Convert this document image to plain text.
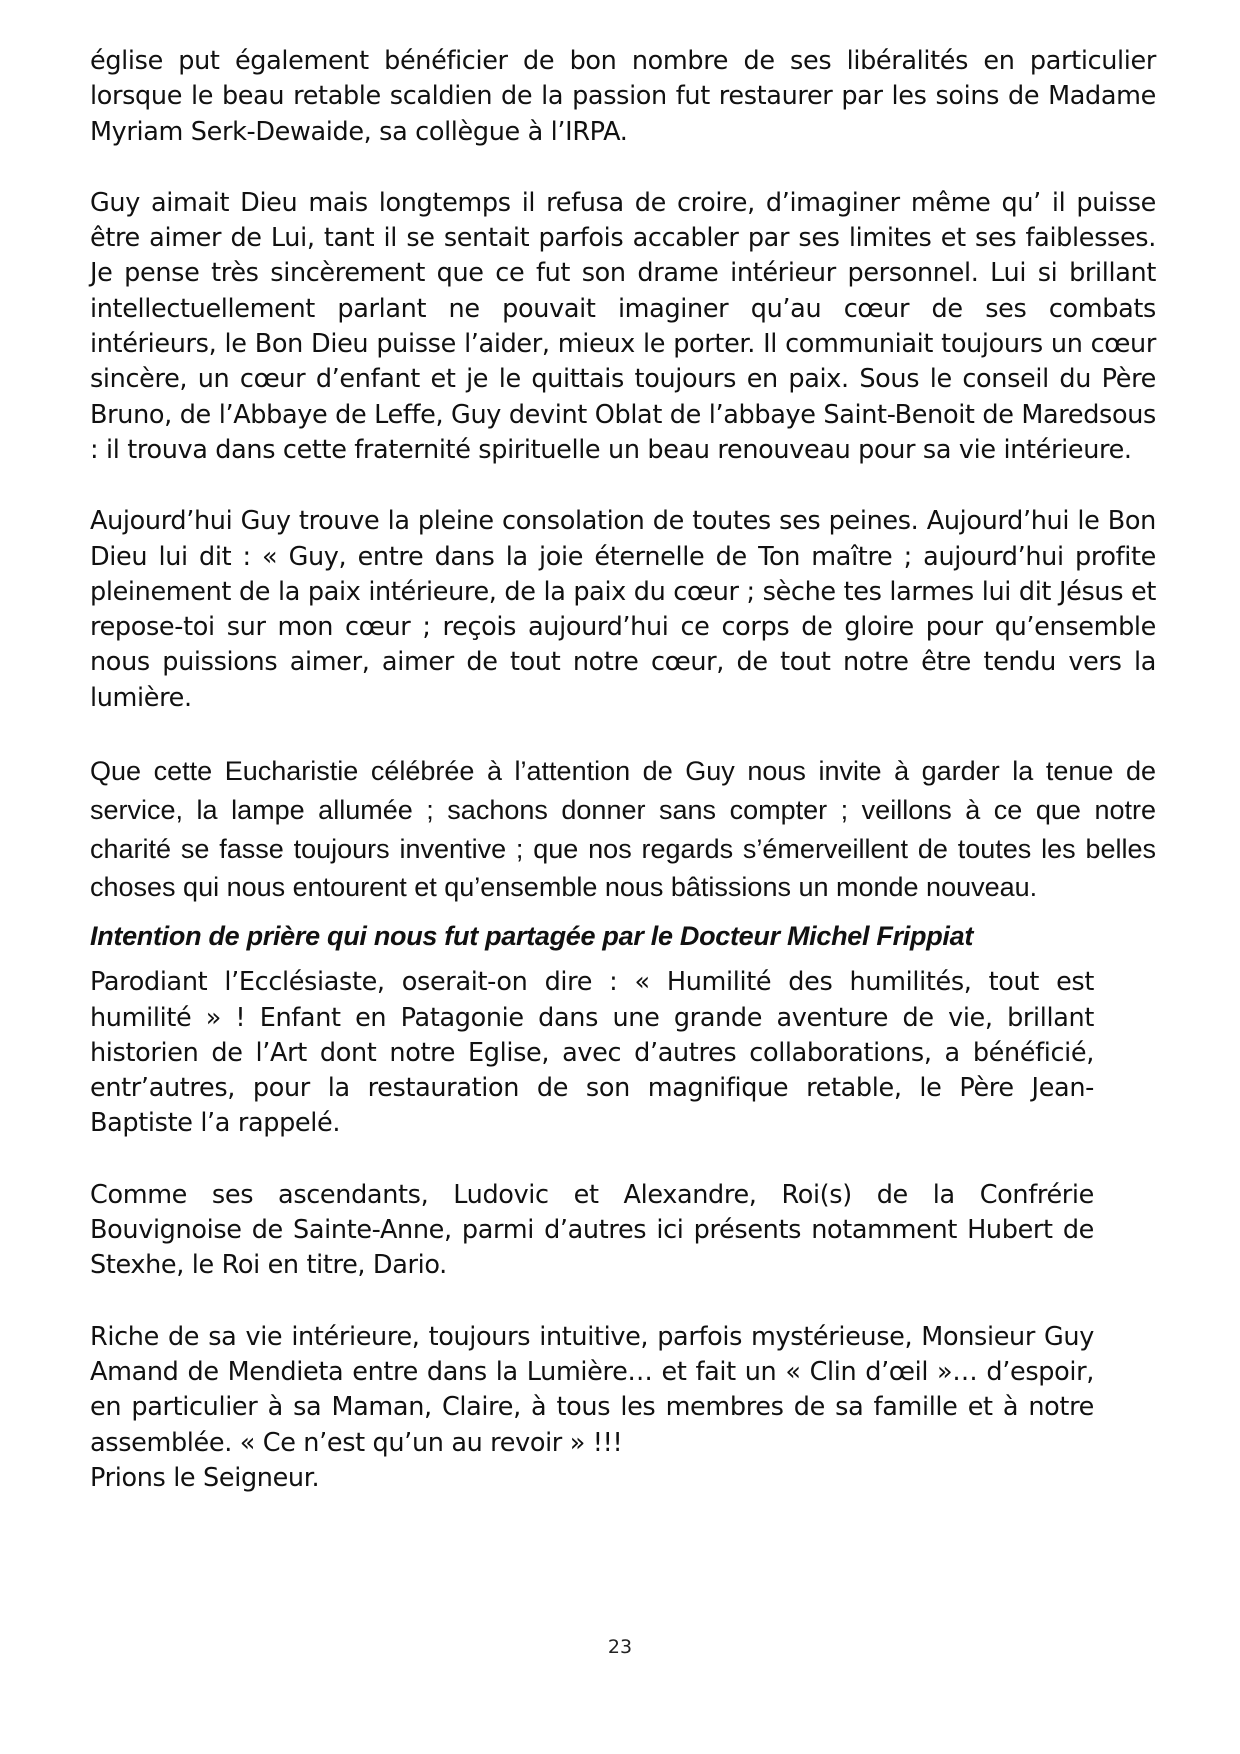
église put également bénéficier de bon nombre de ses libéralités en particulier lorsque le beau retable scaldien de la passion fut restaurer par les soins de Madame Myriam Serk-Dewaide, sa collègue à l’IRPA.

Guy aimait Dieu mais longtemps il refusa de croire, d’imaginer même qu’ il puisse être aimer de Lui, tant il se sentait parfois accabler par ses limites et ses faiblesses. Je pense très sincèrement que ce fut son drame intérieur personnel. Lui si brillant intellectuellement parlant ne pouvait imaginer qu’au cœur de ses combats intérieurs, le Bon Dieu puisse l’aider, mieux le porter. Il communiait toujours un cœur sincère, un cœur d’enfant et je le quittais toujours en paix. Sous le conseil du Père Bruno, de l’Abbaye de Leffe, Guy devint Oblat de l’abbaye Saint-Benoit de Maredsous : il trouva dans cette fraternité spirituelle un beau renouveau pour sa vie intérieure.

Aujourd’hui Guy trouve la pleine consolation de toutes ses peines. Aujourd’hui le Bon Dieu lui dit : « Guy, entre dans la joie éternelle de Ton maître ; aujourd’hui profite pleinement de la paix intérieure, de la paix du cœur ; sèche tes larmes lui dit Jésus et repose-toi sur mon cœur ; reçois aujourd’hui ce corps de gloire pour qu’ensemble nous puissions aimer, aimer de tout notre cœur, de tout notre être tendu vers la lumière.

Que cette Eucharistie célébrée à l’attention de Guy nous invite à garder la tenue de service, la lampe allumée ; sachons donner sans compter ; veillons à ce que notre charité se fasse toujours inventive ; que nos regards s’émerveillent de toutes les belles choses qui nous entourent et qu’ensemble nous bâtissions un monde nouveau.

Intention de prière qui nous fut partagée par le Docteur Michel Frippiat

Parodiant l’Ecclésiaste, oserait-on dire : « Humilité des humilités, tout est humilité » ! Enfant en Patagonie dans une grande aventure de vie, brillant historien de l’Art dont notre Eglise, avec d’autres collaborations, a bénéficié, entr’autres, pour la restauration de son magnifique retable, le Père Jean-Baptiste l’a rappelé.

Comme ses ascendants, Ludovic et Alexandre, Roi(s) de la Confrérie Bouvignoise de Sainte-Anne, parmi d’autres ici présents notamment Hubert de Stexhe, le Roi en titre, Dario.

Riche de sa vie intérieure, toujours intuitive, parfois mystérieuse, Monsieur Guy Amand de Mendieta entre dans la Lumière… et fait un « Clin d’œil »… d’espoir, en particulier à sa Maman, Claire, à tous les membres de sa famille et à notre assemblée. « Ce n’est qu’un au revoir » !!!

Prions le Seigneur.

23
